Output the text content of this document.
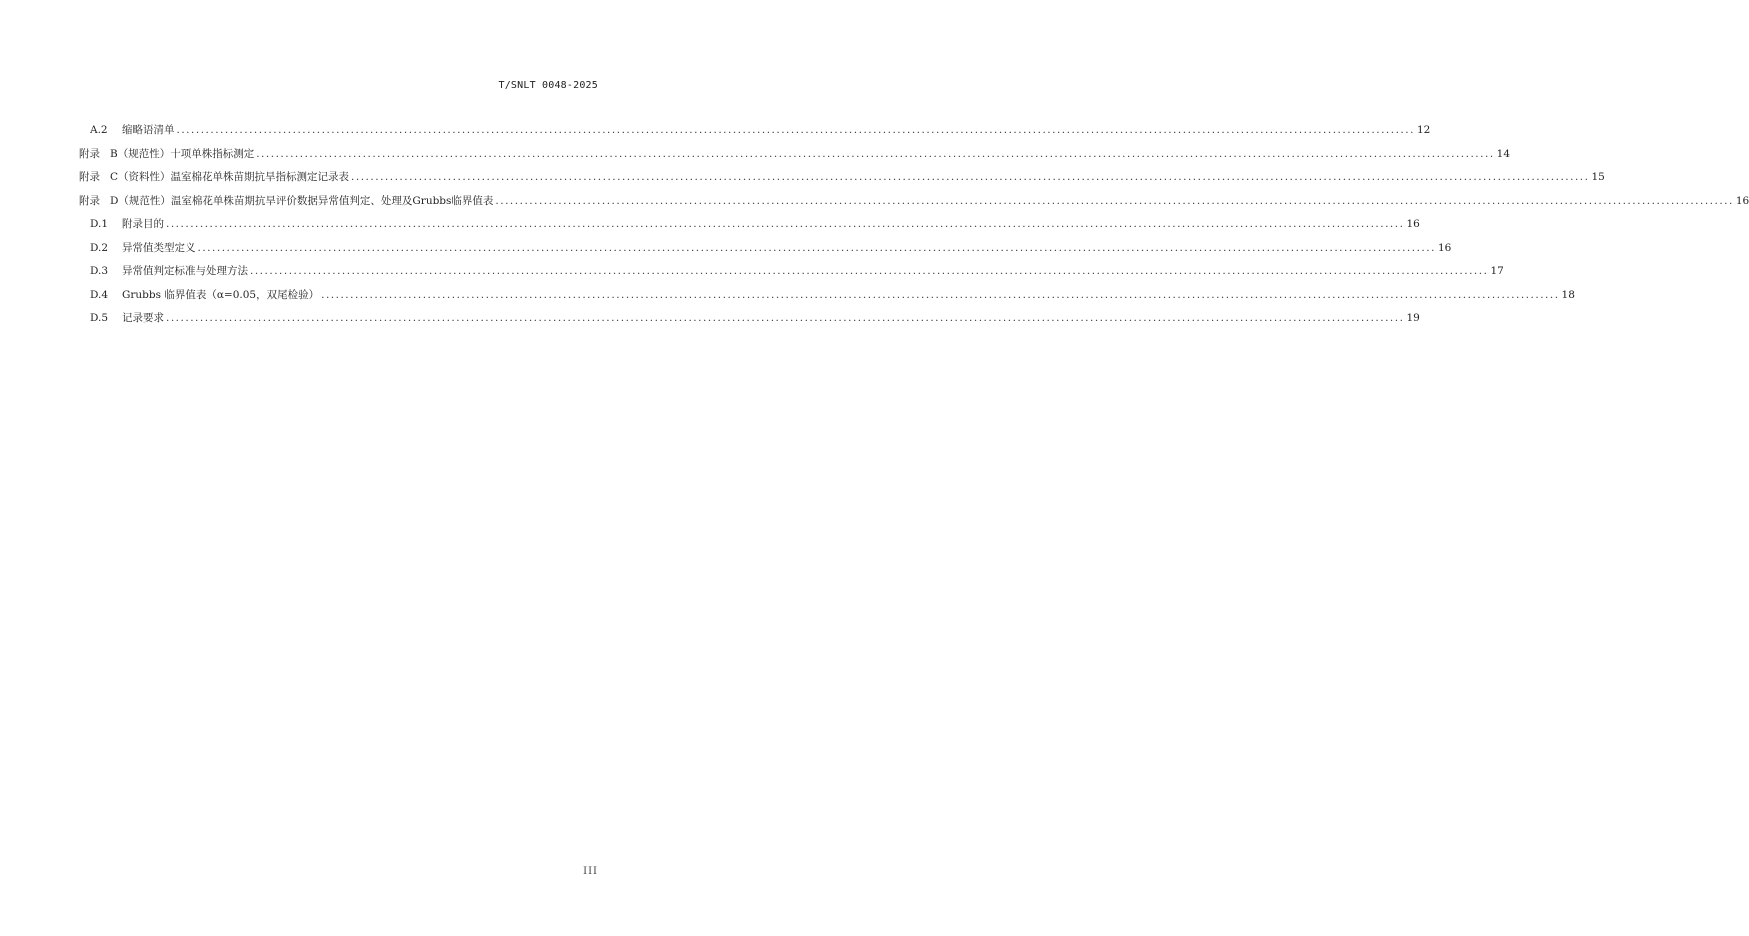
T/SNLT 0048-2025
A.2	缩略语清单 .....	12
附录 B（规范性）十项单株指标测定 .....	14
附录 C（资料性）温室棉花单株苗期抗旱指标测定记录表 .....	15
附录 D（规范性）温室棉花单株苗期抗旱评价数据异常值判定、处理及Grubbs临界值表 .....	16
D.1	附录目的 .....	16
D.2	异常值类型定义 .....	16
D.3	异常值判定标准与处理方法 .....	17
D.4	Grubbs 临界值表（α=0.05，双尾检验） .....	18
D.5	记录要求 .....	19
III
